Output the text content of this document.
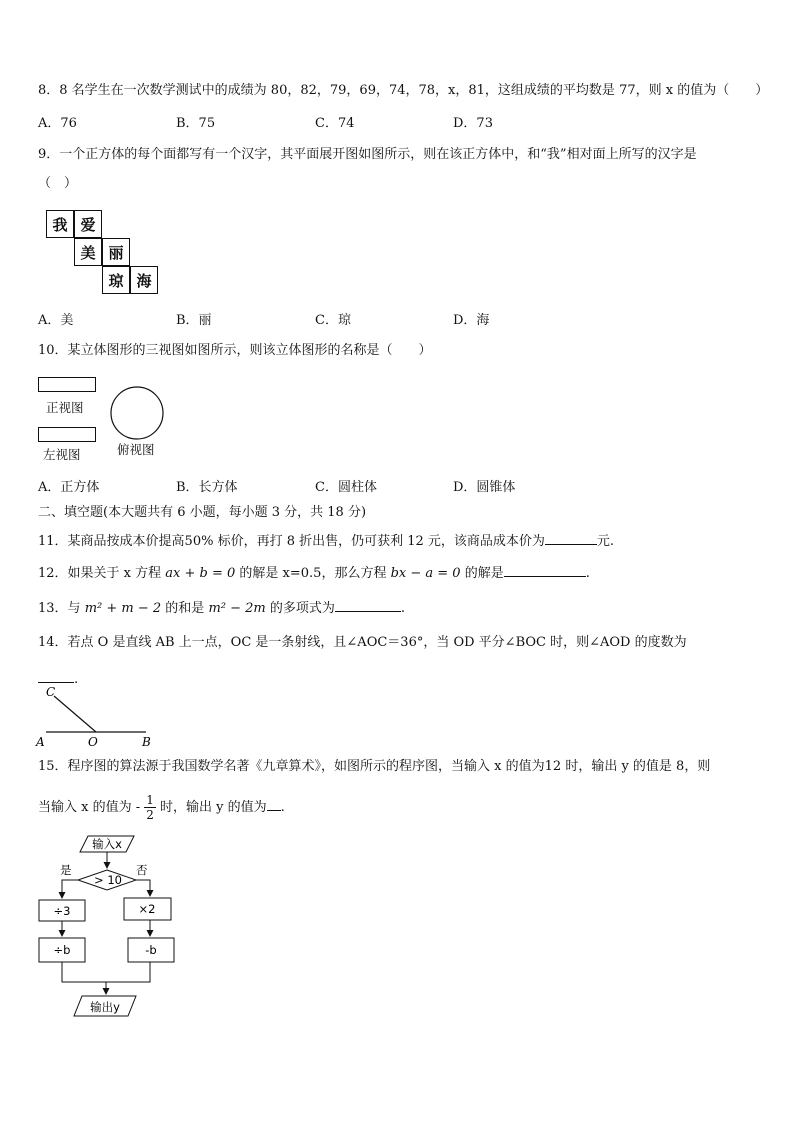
8．8 名学生在一次数学测试中的成绩为 80，82，79，69，74，78，x，81，这组成绩的平均数是 77，则 x 的值为（　　）
A．76	B．75	C．74	D．73
9．一个正方体的每个面都写有一个汉字，其平面展开图如图所示，则在该正方体中，和“我”相对面上所写的汉字是
（　）
我 爱
美 丽
琼 海
A．美	B．丽	C．琼	D．海
10．某立体图形的三视图如图所示，则该立体图形的名称是（　　）
正视图
左视图	俯视图
A．正方体	B．长方体	C．圆柱体	D．圆锥体
二、填空题(本大题共有 6 小题，每小题 3 分，共 18 分)
11．某商品按成本价提高50% 标价，再打 8 折出售，仍可获利 12 元，该商品成本价为	元.
12．如果关于 x 方程 ax + b = 0 的解是 x=0.5，那么方程 bx − a = 0 的解是	.
13．与 m² + m − 2 的和是 m² − 2m 的多项式为	.
14．若点 O 是直线 AB 上一点，OC 是一条射线，且∠AOC＝36°，当 OD 平分∠BOC 时，则∠AOD 的度数为
.
C
A	O	B
15．程序图的算法源于我国数学名著《九章算术》，如图所示的程序图，当输入 x 的值为12 时，输出 y 的值是 8，则
当输入 x 的值为 - $\frac{1}{2}$ 时，输出 y 的值为 .
输入x
> 10
是	否
÷3
÷b
×2
-b
输出y
